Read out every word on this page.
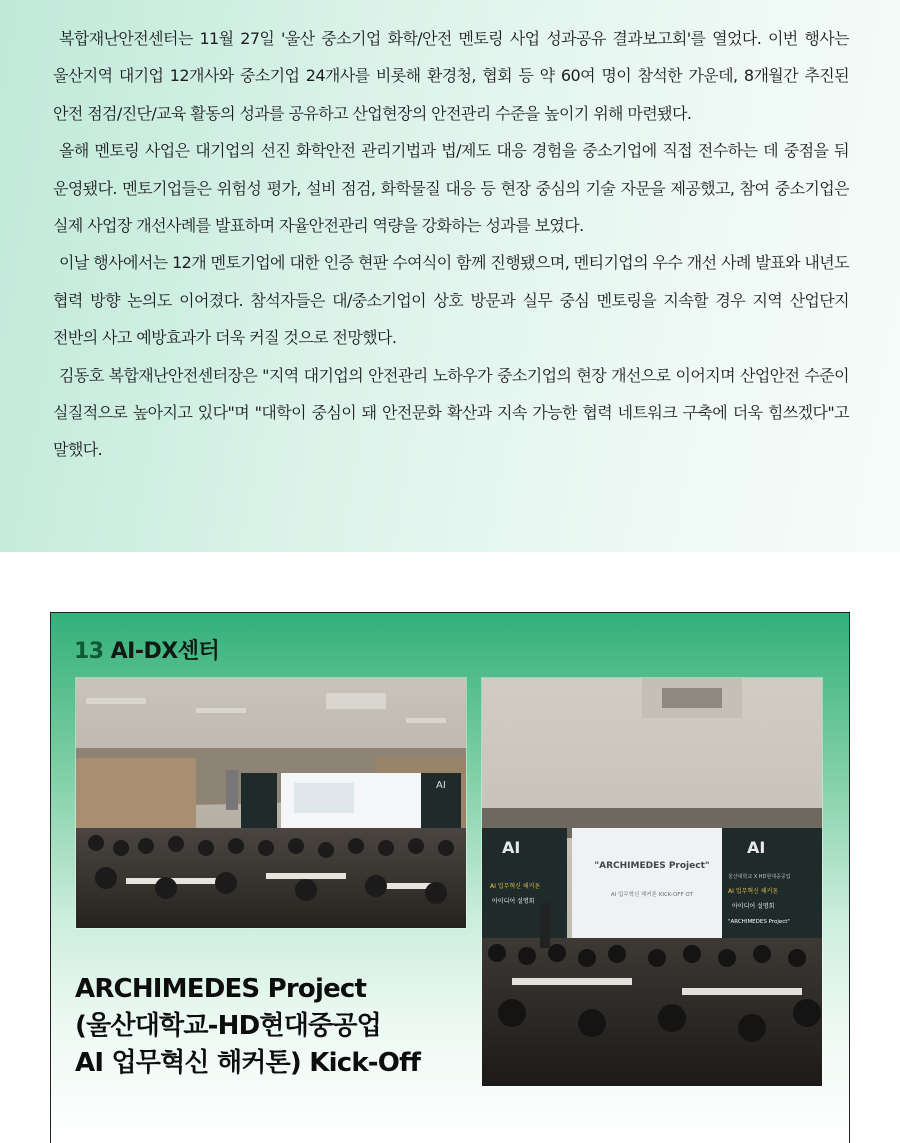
복합재난안전센터는 11월 27일 '울산 중소기업 화학/안전 멘토링 사업 성과공유 결과보고회'를 열었다. 이번 행사는 울산지역 대기업 12개사와 중소기업 24개사를 비롯해 환경청, 협회 등 약 60여 명이 참석한 가운데, 8개월간 추진된 안전 점검/진단/교육 활동의 성과를 공유하고 산업현장의 안전관리 수준을 높이기 위해 마련됐다.

올해 멘토링 사업은 대기업의 선진 화학안전 관리기법과 법/제도 대응 경험을 중소기업에 직접 전수하는 데 중점을 둬 운영됐다. 멘토기업들은 위험성 평가, 설비 점검, 화학물질 대응 등 현장 중심의 기술 자문을 제공했고, 참여 중소기업은 실제 사업장 개선사례를 발표하며 자율안전관리 역량을 강화하는 성과를 보였다.

이날 행사에서는 12개 멘토기업에 대한 인증 현판 수여식이 함께 진행됐으며, 멘티기업의 우수 개선 사례 발표와 내년도 협력 방향 논의도 이어졌다. 참석자들은 대/중소기업이 상호 방문과 실무 중심 멘토링을 지속할 경우 지역 산업단지 전반의 사고 예방효과가 더욱 커질 것으로 전망했다.

김동호 복합재난안전센터장은 "지역 대기업의 안전관리 노하우가 중소기업의 현장 개선으로 이어지며 산업안전 수준이 실질적으로 높아지고 있다"며 "대학이 중심이 돼 안전문화 확산과 지속 가능한 협력 네트워크 구축에 더욱 힘쓰겠다"고 말했다.

13 AI-DX센터
AI
"ARCHIMEDES Project"
AI 업무혁신 해커톤 KICK-OFF OT
AI
AI 업무혁신 해커톤
아이디어 설명회
AI
울산대학교 X HD현대중공업
AI 업무혁신 해커톤
아이디어 설명회
"ARCHIMEDES Project"
ARCHIMEDES Project
(울산대학교-HD현대중공업
AI 업무혁신 해커톤) Kick-Off
